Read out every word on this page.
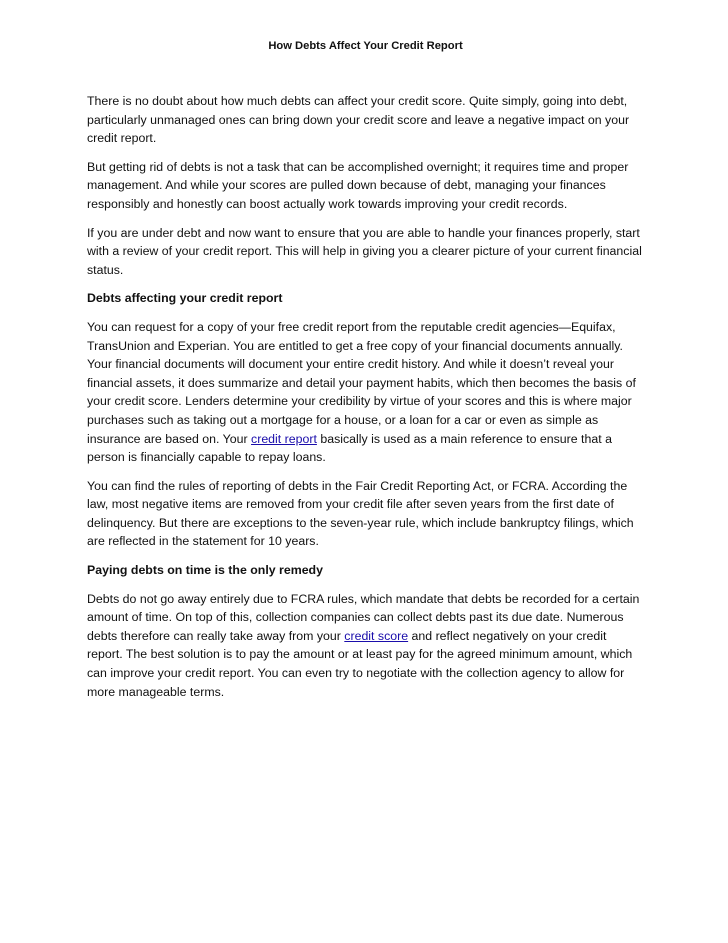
How Debts Affect Your Credit Report

There is no doubt about how much debts can affect your credit score. Quite simply, going into debt, particularly unmanaged ones can bring down your credit score and leave a negative impact on your credit report.

But getting rid of debts is not a task that can be accomplished overnight; it requires time and proper management. And while your scores are pulled down because of debt, managing your finances responsibly and honestly can boost actually work towards improving your credit records.

If you are under debt and now want to ensure that you are able to handle your finances properly, start with a review of your credit report. This will help in giving you a clearer picture of your current financial status.

Debts affecting your credit report

You can request for a copy of your free credit report from the reputable credit agencies—Equifax, TransUnion and Experian. You are entitled to get a free copy of your financial documents annually. Your financial documents will document your entire credit history. And while it doesn’t reveal your financial assets, it does summarize and detail your payment habits, which then becomes the basis of your credit score. Lenders determine your credibility by virtue of your scores and this is where major purchases such as taking out a mortgage for a house, or a loan for a car or even as simple as insurance are based on. Your credit report basically is used as a main reference to ensure that a person is financially capable to repay loans.

You can find the rules of reporting of debts in the Fair Credit Reporting Act, or FCRA. According the law, most negative items are removed from your credit file after seven years from the first date of delinquency. But there are exceptions to the seven-year rule, which include bankruptcy filings, which are reflected in the statement for 10 years.

Paying debts on time is the only remedy

Debts do not go away entirely due to FCRA rules, which mandate that debts be recorded for a certain amount of time. On top of this, collection companies can collect debts past its due date. Numerous debts therefore can really take away from your credit score and reflect negatively on your credit report. The best solution is to pay the amount or at least pay for the agreed minimum amount, which can improve your credit report. You can even try to negotiate with the collection agency to allow for more manageable terms.
